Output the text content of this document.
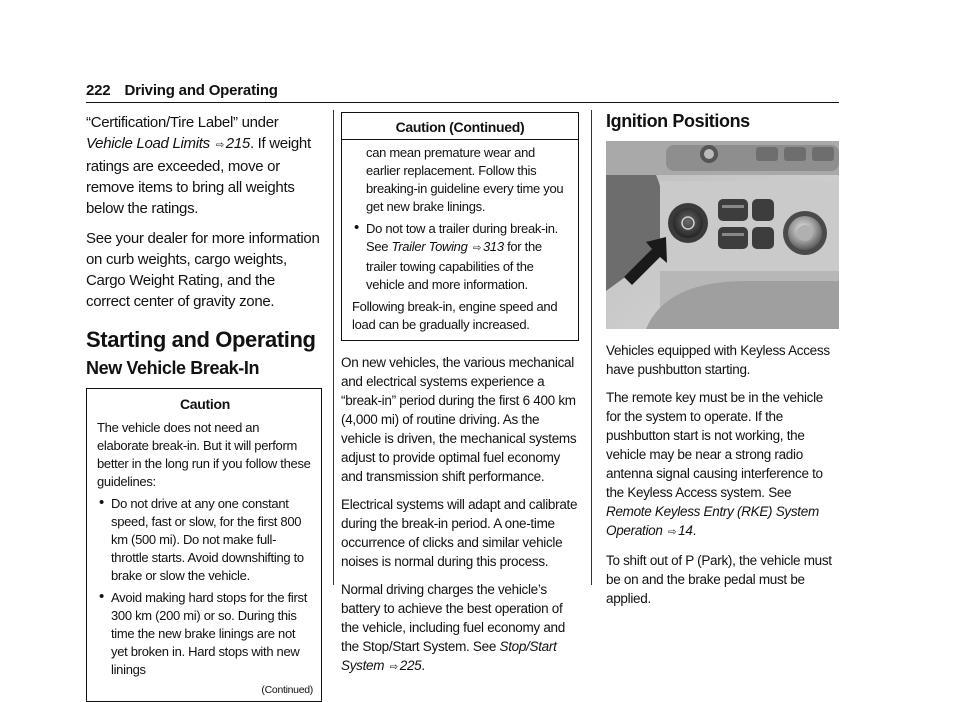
222 Driving and Operating

“Certification/Tire Label” under Vehicle Load Limits ⇨ 215. If weight ratings are exceeded, move or remove items to bring all weights below the ratings.

See your dealer for more information on curb weights, cargo weights, Cargo Weight Rating, and the correct center of gravity zone.

Starting and Operating
New Vehicle Break-In
Caution

The vehicle does not need an elaborate break-in. But it will perform better in the long run if you follow these guidelines:

• Do not drive at any one constant speed, fast or slow, for the first 800 km (500 mi). Do not make full-throttle starts. Avoid downshifting to brake or slow the vehicle.
• Avoid making hard stops for the first 300 km (200 mi) or so. During this time the new brake linings are not yet broken in. Hard stops with new linings
(Continued)
Caution (Continued)

can mean premature wear and earlier replacement. Follow this breaking-in guideline every time you get new brake linings.

• Do not tow a trailer during break-in. See Trailer Towing ⇨ 313 for the trailer towing capabilities of the vehicle and more information.

Following break-in, engine speed and load can be gradually increased.

On new vehicles, the various mechanical and electrical systems experience a “break-in” period during the first 6 400 km (4,000 mi) of routine driving. As the vehicle is driven, the mechanical systems adjust to provide optimal fuel economy and transmission shift performance.

Electrical systems will adapt and calibrate during the break-in period. A one-time occurrence of clicks and similar vehicle noises is normal during this process.

Normal driving charges the vehicle’s battery to achieve the best operation of the vehicle, including fuel economy and the Stop/Start System. See Stop/Start System ⇨ 225.

Ignition Positions

Vehicles equipped with Keyless Access have pushbutton starting.

The remote key must be in the vehicle for the system to operate. If the pushbutton start is not working, the vehicle may be near a strong radio antenna signal causing interference to the Keyless Access system. See Remote Keyless Entry (RKE) System Operation ⇨ 14.

To shift out of P (Park), the vehicle must be on and the brake pedal must be applied.
